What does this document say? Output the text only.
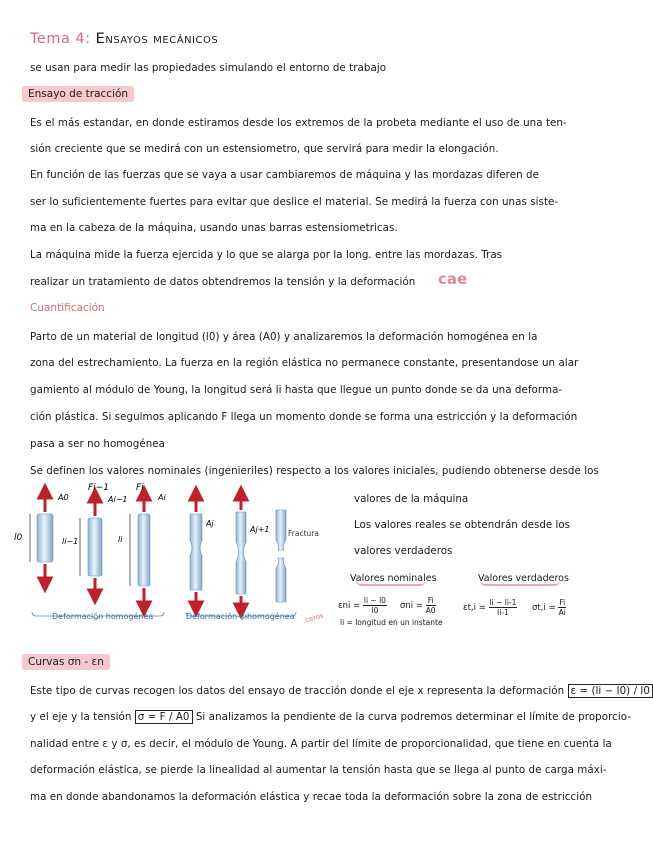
Tema 4: Ensayos mecánicos
se usan para medir las propiedades simulando el entorno de trabajo
Ensayo de tracción
Es el más estandar, en donde estiramos desde los extremos de la probeta mediante el uso de una ten-
sión creciente que se medirá con un estensiometro, que servirá para medir la elongación.
En función de las fuerzas que se vaya a usar cambiaremos de máquina y las mordazas diferen de
ser lo suficientemente fuertes para evitar que deslice el material. Se medirá la fuerza con unas siste-
ma en la cabeza de la máquina, usando unas barras estensiometricas.
La máquina mide la fuerza ejercida y lo que se alarga por la long. entre las mordazas. Tras
realizar un tratamiento de datos obtendremos la tensión y la deformación	cae
Cuantificación
Parto de un material de longitud (l0) y área (A0) y analizaremos la deformación homogénea en la
zona del estrechamiento. La fuerza en la región elástica no permanece constante, presentandose un alar
gamiento al módulo de Young, la longitud será li hasta que llegue un punto donde se da una deforma-
ción plástica. Si seguimos aplicando F llega un momento donde se forma una estricción y la deformación
pasa a ser no homogénea
Se definen los valores nominales (ingenieriles) respecto a los valores iniciales, pudiendo obtenerse desde los
l0	li−1	li
A0
Fi−1
Ai−1
Fi
Ai
Aj
Aj+1 Fractura
Deformación homogénea	Deformación inhomogénea ceros
valores de la máquina
Los valores reales se obtendrán desde los
valores verdaderos
Valores nominales	Valores verdaderos
$\varepsilon ni = \frac{li - l0}{l0}$ $\sigma ni = \frac{Fi}{A0}$
li = longitud en un instante
$\varepsilon t,i = \frac{li - li-1}{li-1} \sigma t,i = \frac{Fi}{Ai}$
Curvas σn - εn
Este tipo de curvas recogen los datos del ensayo de tracción donde el eje x representa la deformación ε = (li − l0) / l0
y el eje y la tensión σ = F / A0 Si analizamos la pendiente de la curva podremos determinar el límite de proporcio-
nalidad entre ε y σ, es decir, el módulo de Young. A partir del límite de proporcionalidad, que tiene en cuenta la
deformación elástica, se pierde la linealidad al aumentar la tensión hasta que se llega al punto de carga máxi-
ma en donde abandonamos la deformación elástica y recae toda la deformación sobre la zona de estricción
